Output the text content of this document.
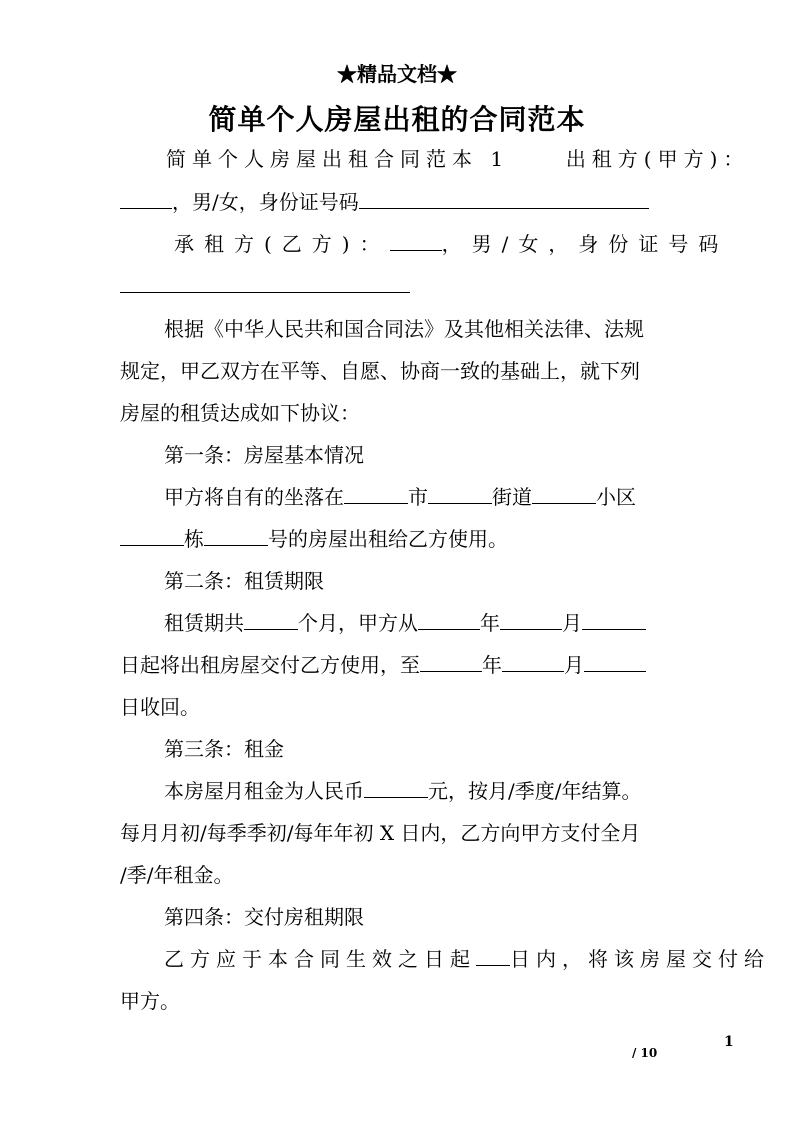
★精品文档★
简单个人房屋出租的合同范本
简单个人房屋出租合同范本 1	出租方(甲方)：
，男/女，身份证号码
承租方(乙方)：	，男/女，身份证号码
根据《中华人民共和国合同法》及其他相关法律、法规
规定，甲乙双方在平等、自愿、协商一致的基础上，就下列
房屋的租赁达成如下协议：
第一条：房屋基本情况
甲方将自有的坐落在	市	街道	小区
栋	号的房屋出租给乙方使用。
第二条：租赁期限
租赁期共	个月，甲方从	年	月
日起将出租房屋交付乙方使用，至	年	月
日收回。
第三条：租金
本房屋月租金为人民币	元，按月/季度/年结算。
每月月初/每季季初/每年年初 X 日内，乙方向甲方支付全月
/季/年租金。
第四条：交付房租期限
乙方应于本合同生效之日起 日内，将该房屋交付给
甲方。
1
/ 10
